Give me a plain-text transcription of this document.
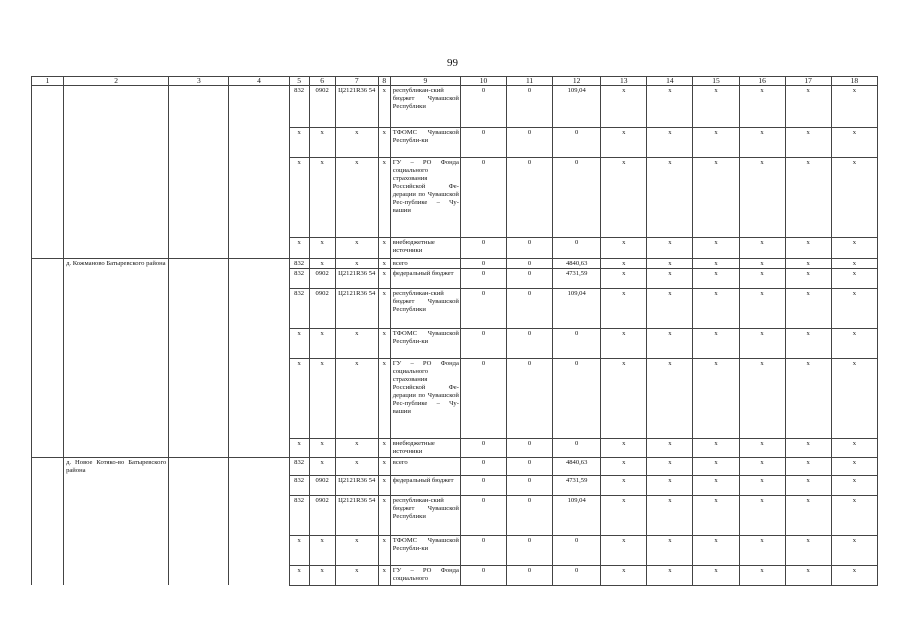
99
1	2	3	4	5	6	7	8	9	10	11	12	13	14	15	16	17	18
				832	0902	Ц2121R36 54	х	республикан-ский бюджет Чувашской Республики	0	0	109,04	х	х	х	х	х	х
				х	х	х	х	ТФОМС Чувашской Республи-ки	0	0	0	х	х	х	х	х	х
				х	х	х	х	ГУ – РО Фонда социального страхования Российской Фе-дерации по Чувашской Рес-публике – Чу-вашии	0	0	0	х	х	х	х	х	х
				х	х	х	х	внебюджетные источники	0	0	0	х	х	х	х	х	х
	д. Кожманово Батыревского района			832	х	х	х	всего	0	0	4840,63	х	х	х	х	х	х
				832	0902	Ц2121R36 54	х	федеральный бюджет	0	0	4731,59	х	х	х	х	х	х
				832	0902	Ц2121R36 54	х	республикан-ский бюджет Чувашской Республики	0	0	109,04	х	х	х	х	х	х
				х	х	х	х	ТФОМС Чувашской Республи-ки	0	0	0	х	х	х	х	х	х
				х	х	х	х	ГУ – РО Фонда социального страхования Российской Фе-дерации по Чувашской Рес-публике – Чу-вашии	0	0	0	х	х	х	х	х	х
				х	х	х	х	внебюджетные источники	0	0	0	х	х	х	х	х	х
	д. Новое Котяко-во Батыревского района			832	х	х	х	всего	0	0	4840,63	х	х	х	х	х	х
				832	0902	Ц2121R36 54	х	федеральный бюджет	0	0	4731,59	х	х	х	х	х	х
				832	0902	Ц2121R36 54	х	республикан-ский бюджет Чувашской Республики	0	0	109,04	х	х	х	х	х	х
				х	х	х	х	ТФОМС Чувашской Республи-ки	0	0	0	х	х	х	х	х	х
				х	х	х	х	ГУ – РО Фонда социального	0	0	0	х	х	х	х	х	х
